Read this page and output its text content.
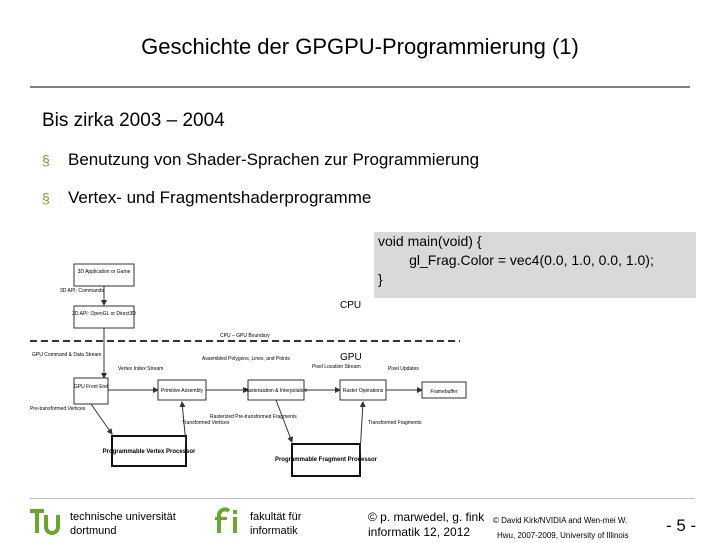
Geschichte der GPGPU-Programmierung (1)
Bis zirka 2003 – 2004
§ Benutzung von Shader-Sprachen zur Programmierung
§ Vertex- und Fragmentshaderprogramme
3D Application or Game
3D API: Commands
3D API: OpenGL or Direct3D
CPU
CPU – GPU Boundary
GPU
GPU Command & Data Stream
GPU Front End
Vertex Index Stream
Primitive Assembly
Assembled Polygons, Lines, and Points
Rasterization & Interpolation
Pixel Location Stream
Raster Operations
Pixel Updates
Framebuffer
Pre-transformed Vertices
Programmable Vertex Processor
Transformed Vertices
Rasterized Pre-transformed Fragments
Programmable Fragment Processor
Transformed Fragments
void main(void) {
gl_Frag.Color = vec4(0.0, 1.0, 0.0, 1.0);
}
technische universität
dortmund
fakultät für
informatik
© p. marwedel, g. fink
informatik 12, 2012
© David Kirk/NVIDIA and Wen-mei W.
Hwu, 2007-2009, University of Illinois
- 5 -
